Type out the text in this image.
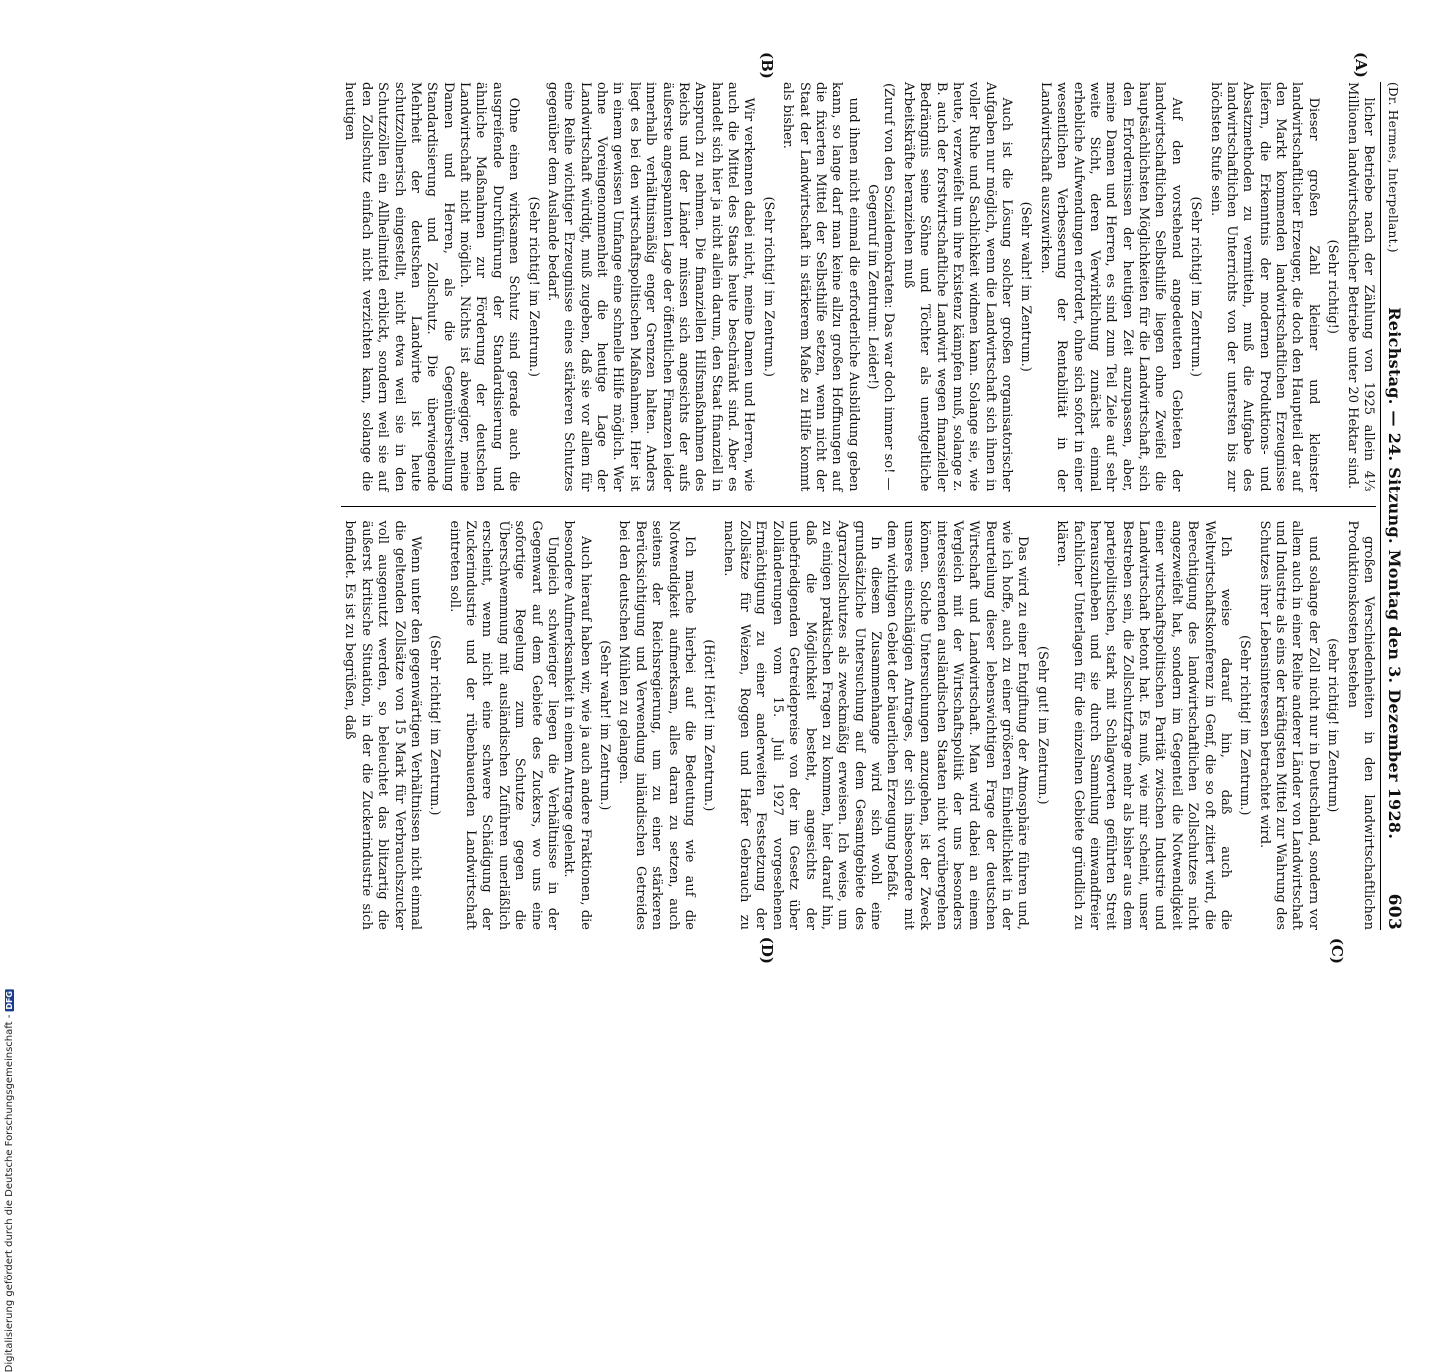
(Dr. Hermes, Interpellant.)
Reichstag. — 24. Sitzung. Montag den 3. Dezember 1928.
603
(A)
(B)
(C)
(D)

licher Betriebe nach der Zählung von 1925 allein 4⅓ Millionen landwirtschaftlicher Betriebe unter 20 Hektar sind.

(Sehr richtig!)

Dieser großen Zahl kleiner und kleinster landwirtschaftlicher Erzeuger, die doch den Hauptteil der auf den Markt kommenden landwirtschaftlichen Erzeugnisse liefern, die Erkenntnis der modernen Produktions- und Absatzmethoden zu vermitteln, muß die Aufgabe des landwirtschaftlichen Unterrichts von der untersten bis zur höchsten Stufe sein.

(Sehr richtig! im Zentrum.)

Auf den vorstehend angedeuteten Gebieten der landwirtschaftlichen Selbsthilfe liegen ohne Zweifel die hauptsächlichsten Möglichkeiten für die Landwirtschaft, sich den Erfordernissen der heutigen Zeit anzupassen, aber, meine Damen und Herren, es sind zum Teil Ziele auf sehr weite Sicht, deren Verwirklichung zunächst einmal erhebliche Aufwendungen erfordert, ohne sich sofort in einer wesentlichen Verbesserung der Rentabilität in der Landwirtschaft auszuwirken.

(Sehr wahr! im Zentrum.)

Auch ist die Lösung solcher großen organisatorischer Aufgaben nur möglich, wenn die Landwirtschaft sich ihnen in voller Ruhe und Sachlichkeit widmen kann. Solange sie, wie heute, verzweifelt um ihre Existenz kämpfen muß, solange z. B. auch der forstwirtschaftliche Landwirt wegen finanzieller Bedrängnis seine Söhne und Töchter als unentgeltliche Arbeitskräfte heranziehen muß

(Zuruf von den Sozialdemokraten: Das war doch immer so! — Gegenruf im Zentrum: Leider!)

und ihnen nicht einmal die erforderliche Ausbildung geben kann, so lange darf man keine allzu großen Hoffnungen auf die fixierten Mittel der Selbsthilfe setzen, wenn nicht der Staat der Landwirtschaft in stärkerem Maße zu Hilfe kommt als bisher.

(Sehr richtig! im Zentrum.)

Wir verkennen dabei nicht, meine Damen und Herren, wie auch die Mittel des Staats heute beschränkt sind. Aber es handelt sich hier ja nicht allein darum, den Staat finanziell in Anspruch zu nehmen. Die finanziellen Hilfsmaßnahmen des Reichs und der Länder müssen sich angesichts der aufs äußerste angespannten Lage der öffentlichen Finanzen leider innerhalb verhältnismäßig enger Grenzen halten. Anders liegt es bei den wirtschaftspolitischen Maßnahmen. Hier ist in einem gewissen Umfange eine schnelle Hilfe möglich. Wer ohne Voreingenommenheit die heutige Lage der Landwirtschaft würdigt, muß zugeben, daß sie vor allem für eine Reihe wichtiger Erzeugnisse eines stärkeren Schutzes gegenüber dem Auslande bedarf.

(Sehr richtig! im Zentrum.)

Ohne einen wirksamen Schutz sind gerade auch die ausgreifende Durchführung der Standardisierung und ähnliche Maßnahmen zur Förderung der deutschen Landwirtschaft nicht möglich. Nichts ist abwegiger, meine Damen und Herren, als die Gegenüberstellung Standardisierung und Zollschutz. Die überwiegende Mehrheit der deutschen Landwirte ist heute schutzzollnerisch eingestellt, nicht etwa weil sie in den Schutzzöllen ein Allheilmittel erblickt, sondern weil sie auf den Zollschutz einfach nicht verzichten kann, solange die heutigen

großen Verschiedenheiten in den landwirtschaftlichen Produktionskosten bestehen

(sehr richtig! im Zentrum)

und solange der Zoll nicht nur in Deutschland, sondern vor allem auch in einer Reihe anderer Länder von Landwirtschaft und Industrie als eins der kräftigsten Mittel zur Wahrung des Schutzes ihrer Lebensinteressen betrachtet wird.

(Sehr richtig! im Zentrum.)

Ich weise darauf hin, daß auch die Weltwirtschaftskonferenz in Genf, die so oft zitiert wird, die Berechtigung des landwirtschaftlichen Zollschutzes nicht angezweifelt hat, sondern im Gegenteil die Notwendigkeit einer wirtschaftspolitischen Parität zwischen Industrie und Landwirtschaft betont hat. Es muß, wie mir scheint, unser Bestreben sein, die Zollschutzfrage mehr als bisher aus dem parteipolitischen, stark mit Schlagworten geführten Streit herauszuheben und sie durch Sammlung einwandfreier fachlicher Unterlagen für die einzelnen Gebiete gründlich zu klären.

(Sehr gut! im Zentrum.)

Das wird zu einer Entgiftung der Atmosphäre führen und, wie ich hoffe, auch zu einer größeren Einheitlichkeit in der Beurteilung dieser lebenswichtigen Frage der deutschen Wirtschaft und Landwirtschaft. Man wird dabei an einem Vergleich mit der Wirtschaftspolitik der uns besonders interessierenden ausländischen Staaten nicht vorübergehen können. Solche Untersuchungen anzugehen, ist der Zweck unseres einschlägigen Antrages, der sich insbesondere mit dem wichtigen Gebiet der bäuerlichen Erzeugung befaßt.

In diesem Zusammenhange wird sich wohl eine grundsätzliche Untersuchung auf dem Gesamtgebiete des Agrarzollschutzes als zweckmäßig erweisen. Ich weise, um zu einigen praktischen Fragen zu kommen, hier darauf hin, daß die Möglichkeit besteht, angesichts der unbefriedigenden Getreidepreise von der im Gesetz über Zolländerungen vom 15. Juli 1927 vorgesehenen Ermächtigung zu einer anderweiten Festsetzung der Zollsätze für Weizen, Roggen und Hafer Gebrauch zu machen.

(Hört! Hört! im Zentrum.)

Ich mache hierbei auf die Bedeutung wie auf die Notwendigkeit aufmerksam, alles daran zu setzen, auch seitens der Reichsregierung, um zu einer stärkeren Berücksichtigung und Verwendung inländischen Getreides bei den deutschen Mühlen zu gelangen.

(Sehr wahr! im Zentrum.)

Auch hierauf haben wir, wie ja auch andere Fraktionen, die besondere Aufmerksamkeit in einem Antrage gelenkt.

Ungleich schwieriger liegen die Verhältnisse in der Gegenwart auf dem Gebiete des Zuckers, wo uns eine sofortige Regelung zum Schutze gegen die Überschwemmung mit ausländischen Zuführen unerläßlich erscheint, wenn nicht eine schwere Schädigung der Zuckerindustrie und der rübenbauenden Landwirtschaft eintreten soll.

(Sehr richtig! im Zentrum.)

Wenn unter den gegenwärtigen Verhältnissen nicht einmal die geltenden Zollsätze von 15 Mark für Verbrauchszucker voll ausgenutzt werden, so beleuchtet das blitzartig die äußerst kritische Situation, in der die Zuckerindustrie sich befindet. Es ist zu begrüßen, daß

Digitalisierung gefördert durch die Deutsche Forschungsgemeinschaft -
DFG
